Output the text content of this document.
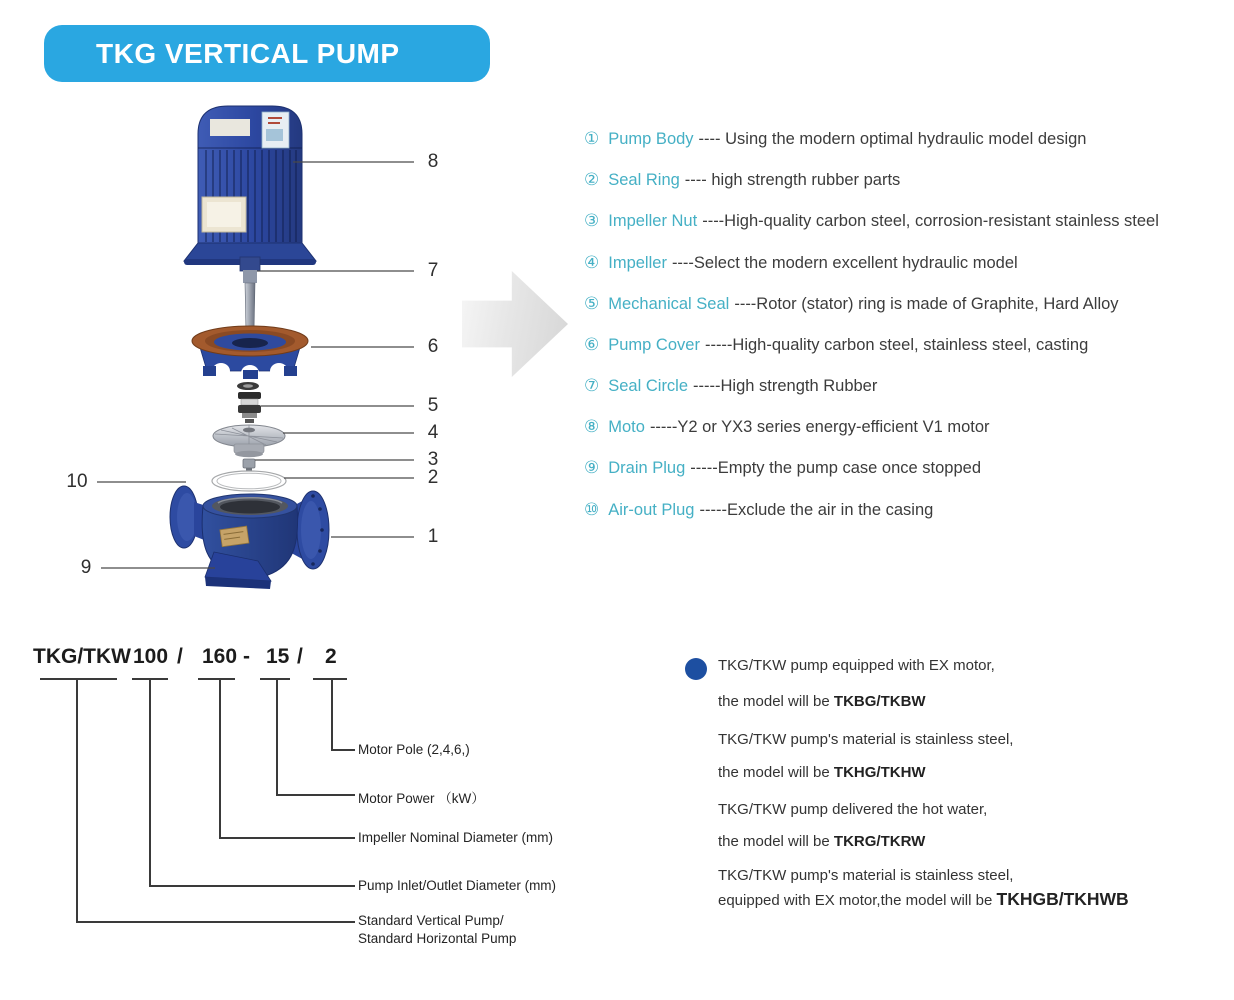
TKG VERTICAL PUMP
8
7
6
5
4
3
2
1
10
9
① Pump Body ---- Using the modern optimal hydraulic model design
② Seal Ring ---- high strength rubber parts
③ Impeller Nut ----High-quality carbon steel, corrosion-resistant stainless steel
④ Impeller ----Select the modern excellent hydraulic model
⑤ Mechanical Seal ----Rotor (stator) ring is made of Graphite, Hard Alloy
⑥ Pump Cover -----High-quality carbon steel, stainless steel, casting
⑦ Seal Circle -----High strength Rubber
⑧ Moto -----Y2 or YX3 series energy-efficient V1 motor
⑨ Drain Plug -----Empty the pump case once stopped
⑩ Air-out Plug -----Exclude the air in the casing
TKG/TKW 100 / 160 - 15 / 2
Motor Pole (2,4,6,)
Motor Power （kW）
Impeller Nominal Diameter (mm)
Pump Inlet/Outlet Diameter (mm)
Standard Vertical Pump/
Standard Horizontal Pump
TKG/TKW pump equipped with EX motor,
the model will be TKBG/TKBW
TKG/TKW pump's material is stainless steel,
the model will be TKHG/TKHW
TKG/TKW pump delivered the hot water,
the model will be TKRG/TKRW
TKG/TKW pump's material is stainless steel,
equipped with EX motor,the model will be TKHGB/TKHWB
